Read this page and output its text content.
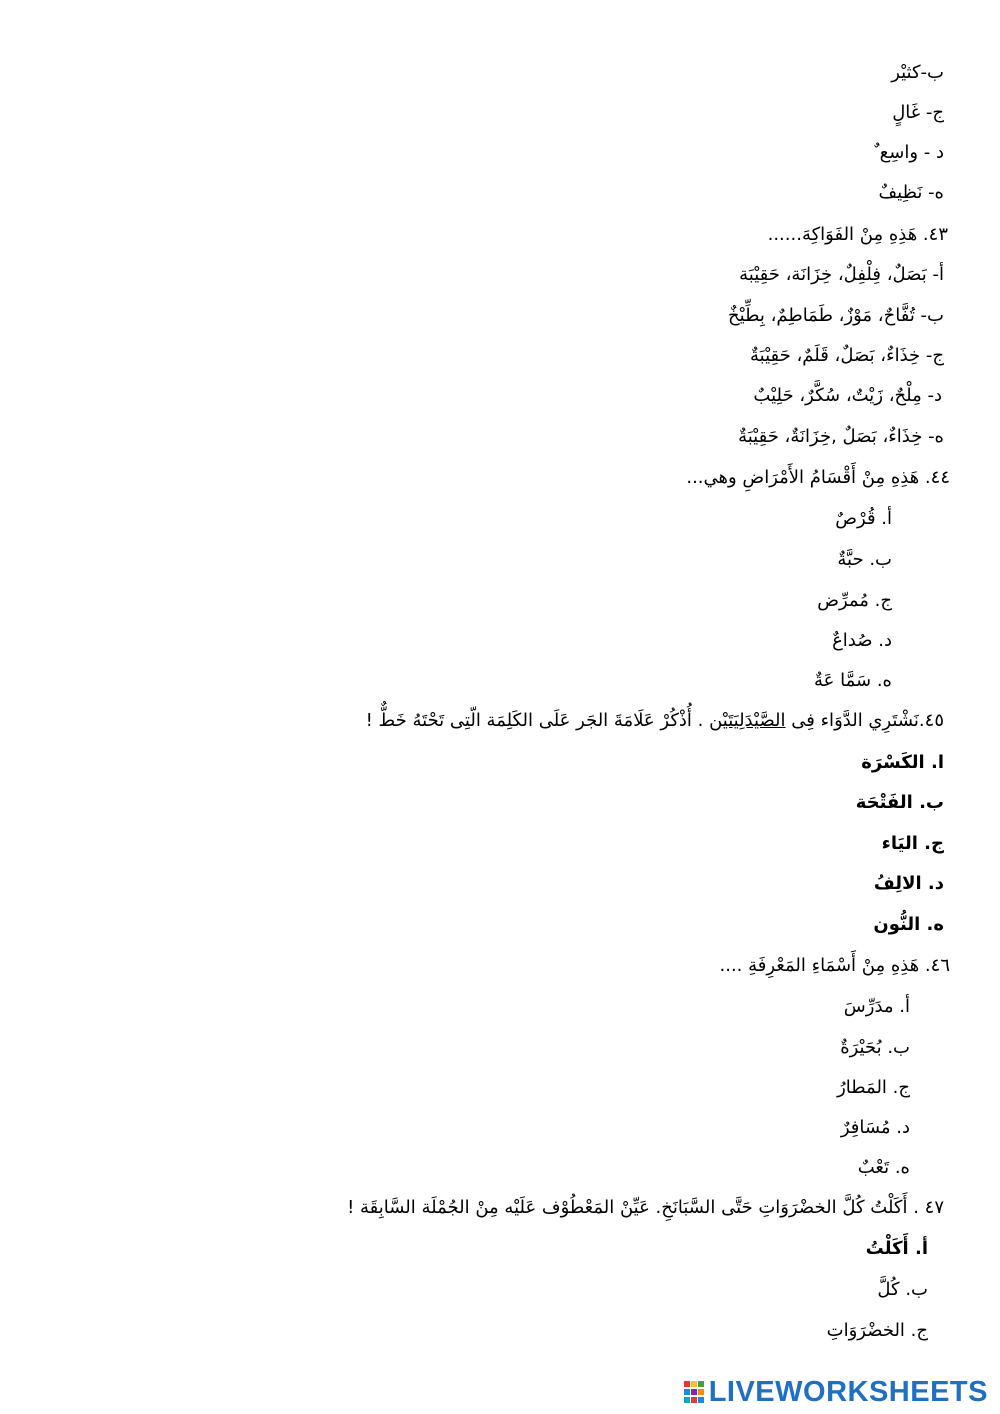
ب-كثيْر
ج- غَالٍ
د - واسِع ٌ
ه- نَظِيفٌ
٤٣. هَذِهِ مِنْ الفَوَاكِهَ......
أ- بَصَلٌ، فِلْفِلٌ، خِزَانَة، حَقِيْبَة
ب- تُفَّاحٌ، مَوْزٌ، طَمَاطِمٌ، بِطِّيْخٌ
ج- خِذَاءٌ، بَصَلٌ، قَلَمٌ، حَقِيْبَةٌ
د- مِلْحٌ، زَيْتٌ، سُكَّرٌ، حَلِيْبٌ
ه- خِذَاءٌ، بَصَلٌ ,خِزَانَةٌ، حَقِيْبَةٌ
٤٤. هَذِهِ مِنْ أَقْسَامُ الأَمْرَاضِ وهي...
أ. قُرْصٌ
ب. حبَّةٌ
ج. مُمرِّض
د. صُداعٌ
ه. سَمَّا عَةٌ
٤٥.نَشْتَرِي الدَّوَاء فِى الصَّيْدَلِيَتَيْن . أُذْكُرْ عَلَامَةَ الجَر عَلَى الكَلِمَة الّتِى تَحْتَهُ خَطٌّ !
ا. الكَسْرَة
ب. الفَتْحَة
ج. اليَاء
د. الالِفُ
ه. النُّون
٤٦. هَذِهِ مِنْ أَسْمَاءِ المَعْرِفَةِ ....
أ. مدَرِّسَ
ب. بُحَيْرَةٌ
ج. المَطارُ
د. مُسَافِرٌ
ه. تَعْبٌ
٤٧ . أَكَلْتُ كُلَّ الخضْرَوَاتِ حَتَّى السَّبَانَخِ. عَيِّنْ المَعْطُوْف عَلَيْه مِنْ الجُمْلَة السَّابِقَة !
أ. أَكَلْتُ
ب. كُلَّ
ج. الخضْرَوَاتِ
LIVEWORKSHEETS
